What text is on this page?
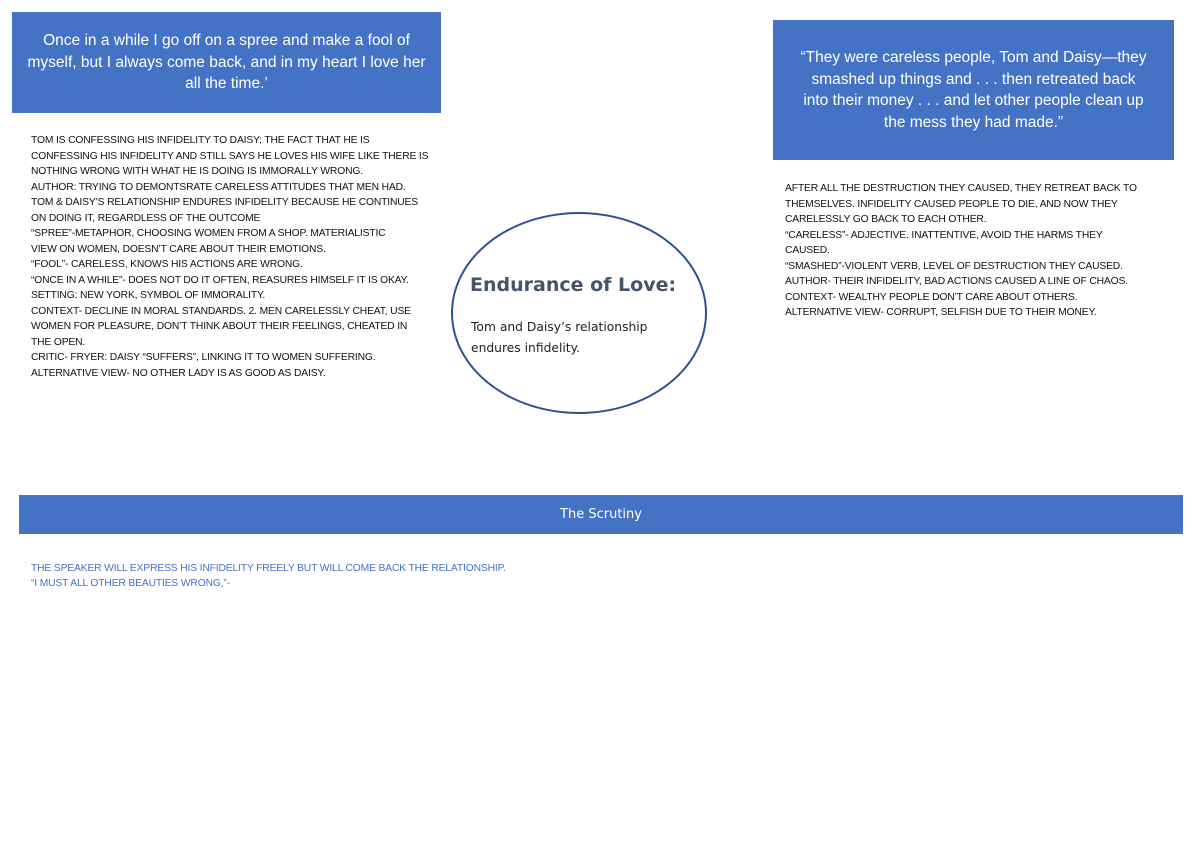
Once in a while I go off on a spree and make a fool of myself, but I always come back, and in my heart I love her all the time.’
TOM IS CONFESSING HIS INFIDELITY TO DAISY; THE FACT THAT HE IS
CONFESSING HIS INFIDELITY AND STILL SAYS HE LOVES HIS WIFE LIKE THERE IS
NOTHING WRONG WITH WHAT HE IS DOING IS IMMORALLY WRONG.
AUTHOR: TRYING TO DEMONTSRATE CARELESS ATTITUDES THAT MEN HAD.
TOM & DAISY’S RELATIONSHIP ENDURES INFIDELITY BECAUSE HE CONTINUES
ON DOING IT, REGARDLESS OF THE OUTCOME
“SPREE”-METAPHOR, CHOOSING WOMEN FROM A SHOP. MATERIALISTIC
VIEW ON WOMEN, DOESN’T CARE ABOUT THEIR EMOTIONS.
“FOOL”- CARELESS, KNOWS HIS ACTIONS ARE WRONG.
“ONCE IN A WHILE”- DOES NOT DO IT OFTEN, REASURES HIMSELF IT IS OKAY.
SETTING: NEW YORK, SYMBOL OF IMMORALITY.
CONTEXT- DECLINE IN MORAL STANDARDS. 2. MEN CARELESSLY CHEAT, USE
WOMEN FOR PLEASURE, DON’T THINK ABOUT THEIR FEELINGS, CHEATED IN
THE OPEN.
CRITIC- FRYER: DAISY “SUFFERS”, LINKING IT TO WOMEN SUFFERING.
ALTERNATIVE VIEW- NO OTHER LADY IS AS GOOD AS DAISY.
Endurance of Love:
Tom and Daisy’s relationship endures infidelity.
“They were careless people, Tom and Daisy—they smashed up things and . . . then retreated back into their money . . . and let other people clean up the mess they had made.”
AFTER ALL THE DESTRUCTION THEY CAUSED, THEY RETREAT BACK TO
THEMSELVES. INFIDELITY CAUSED PEOPLE TO DIE, AND NOW THEY
CARELESSLY GO BACK TO EACH OTHER.
“CARELESS”- ADJECTIVE. INATTENTIVE, AVOID THE HARMS THEY
CAUSED.
“SMASHED”-VIOLENT VERB, LEVEL OF DESTRUCTION THEY CAUSED.
AUTHOR- THEIR INFIDELITY, BAD ACTIONS CAUSED A LINE OF CHAOS.
CONTEXT- WEALTHY PEOPLE DON’T CARE ABOUT OTHERS.
ALTERNATIVE VIEW- CORRUPT, SELFISH DUE TO THEIR MONEY.
The Scrutiny
THE SPEAKER WILL EXPRESS HIS INFIDELITY FREELY BUT WILL COME BACK THE RELATIONSHIP.
“I MUST ALL OTHER BEAUTIES WRONG,”-
